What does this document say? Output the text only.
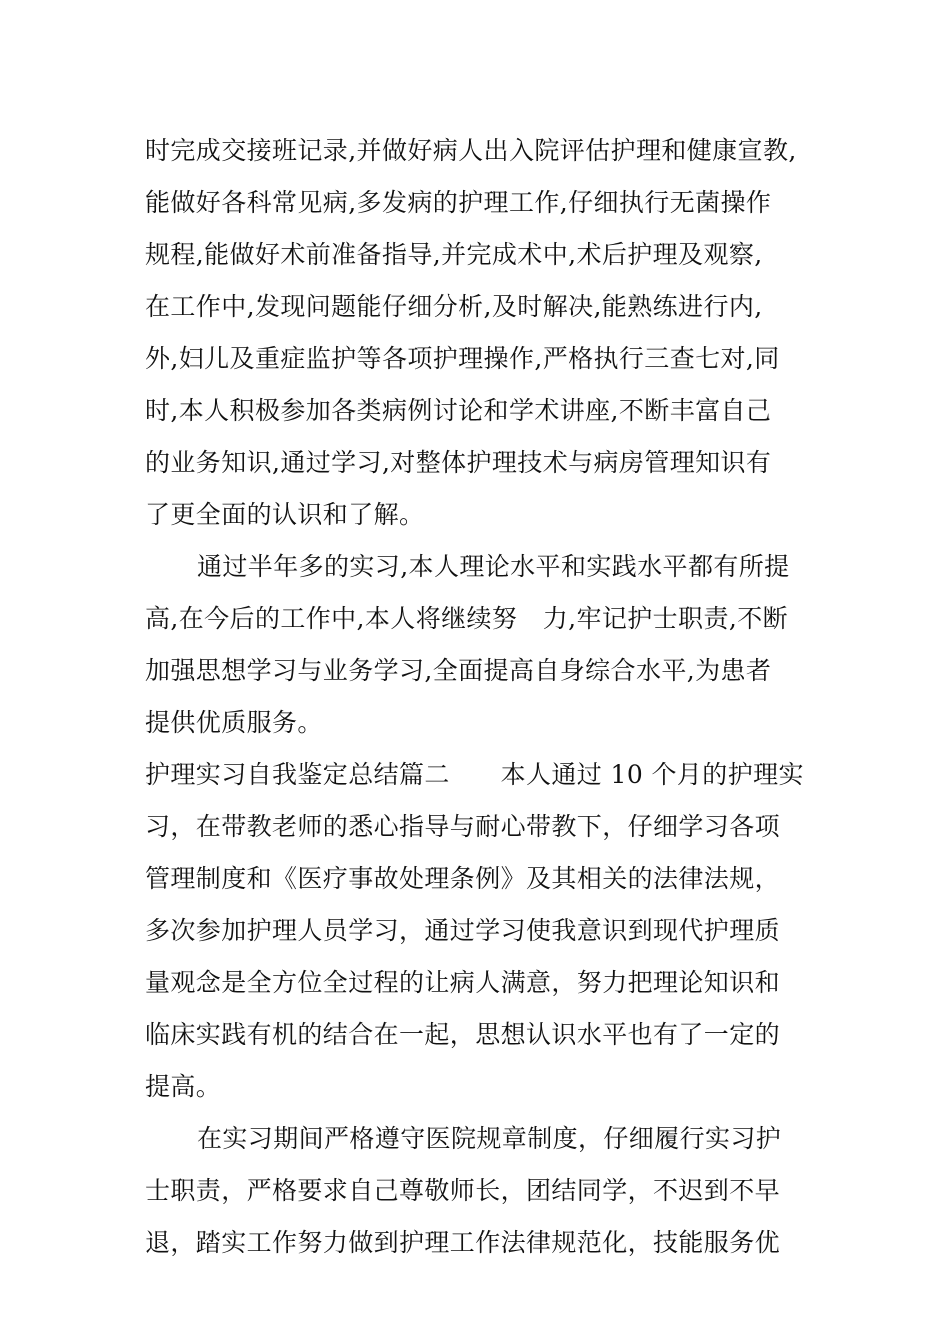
时完成交接班记录,并做好病人出入院评估护理和健康宣教,
能做好各科常见病,多发病的护理工作,仔细执行无菌操作
规程,能做好术前准备指导,并完成术中,术后护理及观察,
在工作中,发现问题能仔细分析,及时解决,能熟练进行内,
外,妇儿及重症监护等各项护理操作,严格执行三查七对,同
时,本人积极参加各类病例讨论和学术讲座,不断丰富自己
的业务知识,通过学习,对整体护理技术与病房管理知识有
了更全面的认识和了解。
通过半年多的实习,本人理论水平和实践水平都有所提
高,在今后的工作中,本人将继续努　力,牢记护士职责,不断
加强思想学习与业务学习,全面提高自身综合水平,为患者
提供优质服务。
护理实习自我鉴定总结篇二　　本人通过 10 个月的护理实
习，在带教老师的悉心指导与耐心带教下，仔细学习各项
管理制度和《医疗事故处理条例》及其相关的法律法规，
多次参加护理人员学习，通过学习使我意识到现代护理质
量观念是全方位全过程的让病人满意，努力把理论知识和
临床实践有机的结合在一起，思想认识水平也有了一定的
提高。
在实习期间严格遵守医院规章制度，仔细履行实习护
士职责，严格要求自己尊敬师长，团结同学，不迟到不早
退，踏实工作努力做到护理工作法律规范化，技能服务优
